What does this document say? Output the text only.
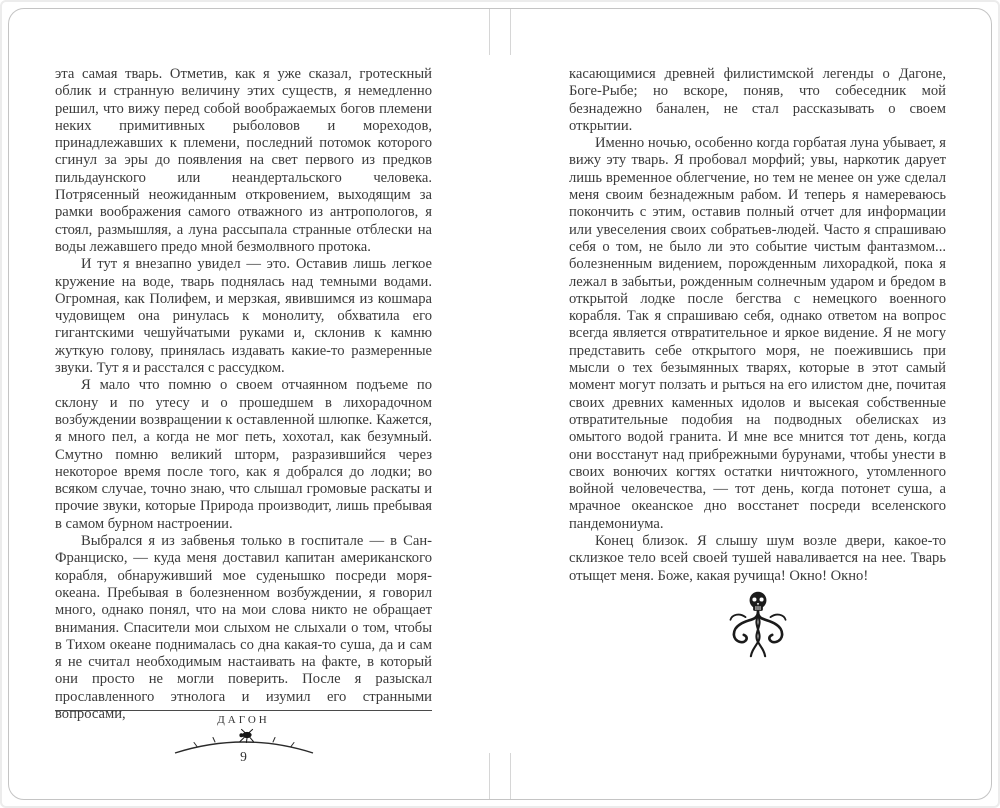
эта самая тварь. Отметив, как я уже сказал, гротескный облик и странную величину этих существ, я немедленно решил, что вижу перед собой воображаемых богов племени неких примитивных рыболовов и мореходов, принадлежавших к племени, последний потомок которого сгинул за эры до появления на свет первого из предков пильдаунского или неандертальского человека. Потрясенный неожиданным откровением, выходящим за рамки воображения самого отважного из антропологов, я стоял, размышляя, а луна рассыпала странные отблески на воды лежавшего предо мной безмолвного протока.

И тут я внезапно увидел — это. Оставив лишь легкое кружение на воде, тварь поднялась над темными водами. Огромная, как Полифем, и мерзкая, явившимся из кошмара чудовищем она ринулась к монолиту, обхватила его гигантскими чешуйчатыми руками и, склонив к камню жуткую голову, принялась издавать какие-то размеренные звуки. Тут я и расстался с рассудком.

Я мало что помню о своем отчаянном подъеме по склону и по утесу и о прошедшем в лихорадочном возбуждении возвращении к оставленной шлюпке. Кажется, я много пел, а когда не мог петь, хохотал, как безумный. Смутно помню великий шторм, разразившийся через некоторое время после того, как я добрался до лодки; во всяком случае, точно знаю, что слышал громовые раскаты и прочие звуки, которые Природа производит, лишь пребывая в самом бурном настроении.

Выбрался я из забвенья только в госпитале — в Сан-Франциско, — куда меня доставил капитан американского корабля, обнаруживший мое суденышко посреди моря-океана. Пребывая в болезненном возбуждении, я говорил много, однако понял, что на мои слова никто не обращает внимания. Спасители мои слыхом не слыхали о том, чтобы в Тихом океане поднималась со дна какая-то суша, да и сам я не считал необходимым настаивать на факте, в который они просто не могли поверить. После я разыскал прославленного этнолога и изумил его странными вопросами,	ДАГОН
9

касающимися древней филистимской легенды о Дагоне, Боге-Рыбе; но вскоре, поняв, что собеседник мой безнадежно банален, не стал рассказывать о своем открытии.

Именно ночью, особенно когда горбатая луна убывает, я вижу эту тварь. Я пробовал морфий; увы, наркотик дарует лишь временное облегчение, но тем не менее он уже сделал меня своим безнадежным рабом. И теперь я намереваюсь покончить с этим, оставив полный отчет для информации или увеселения своих собратьев-людей. Часто я спрашиваю себя о том, не было ли это событие чистым фантазмом... болезненным видением, порожденным лихорадкой, пока я лежал в забытьи, рожденным солнечным ударом и бредом в открытой лодке после бегства с немецкого военного корабля. Так я спрашиваю себя, однако ответом на вопрос всегда является отвратительное и яркое видение. Я не могу представить себе открытого моря, не поежившись при мысли о тех безымянных тварях, которые в этот самый момент могут ползать и рыться на его илистом дне, почитая своих древних каменных идолов и высекая собственные отвратительные подобия на подводных обелисках из омытого водой гранита. И мне все мнится тот день, когда они восстанут над прибрежными бурунами, чтобы унести в своих вонючих когтях остатки ничтожного, утомленного войной человечества, — тот день, когда потонет суша, а мрачное океанское дно восстанет посреди вселенского пандемониума.

Конец близок. Я слышу шум возле двери, какое-то склизкое тело всей своей тушей наваливается на нее. Тварь отыщет меня. Боже, какая ручища! Окно! Окно!
